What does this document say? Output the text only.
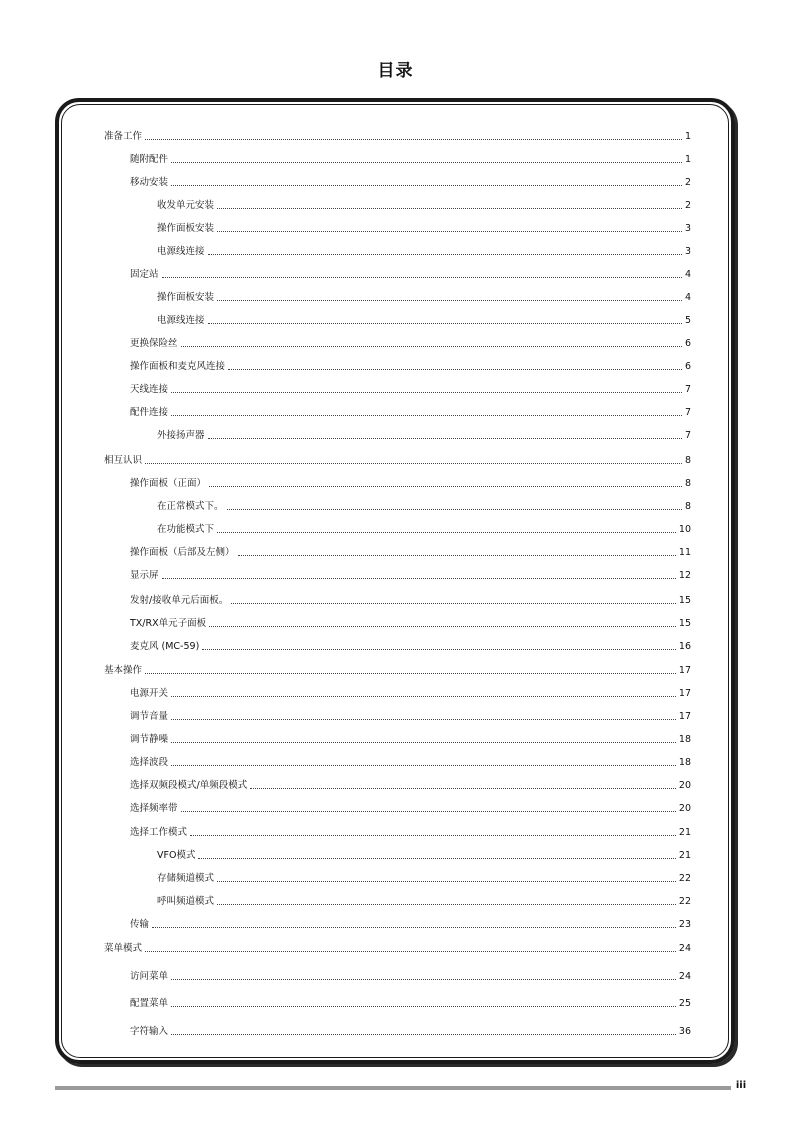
目录
准备工作	1
随附配件	1
移动安装	2
收发单元安装	2
操作面板安装	3
电源线连接	3
固定站	4
操作面板安装	4
电源线连接	5
更换保险丝	6
操作面板和麦克风连接	6
天线连接	7
配件连接	7
外接扬声器	7
相互认识	8
操作面板（正面）	8
在正常模式下。	8
在功能模式下	10
操作面板（后部及左侧）	11
显示屏	12
发射/接收单元后面板。	15
TX/RX单元子面板	15
麦克风 (MC-59)	16
基本操作	17
电源开关	17
调节音量	17
调节静噪	18
选择波段	18
选择双频段模式/单频段模式	20
选择频率带	20
选择工作模式	21
VFO模式	21
存储频道模式	22
呼叫频道模式	22
传输	23
菜单模式	24
访问菜单	24
配置菜单	25
字符输入	36
iii
